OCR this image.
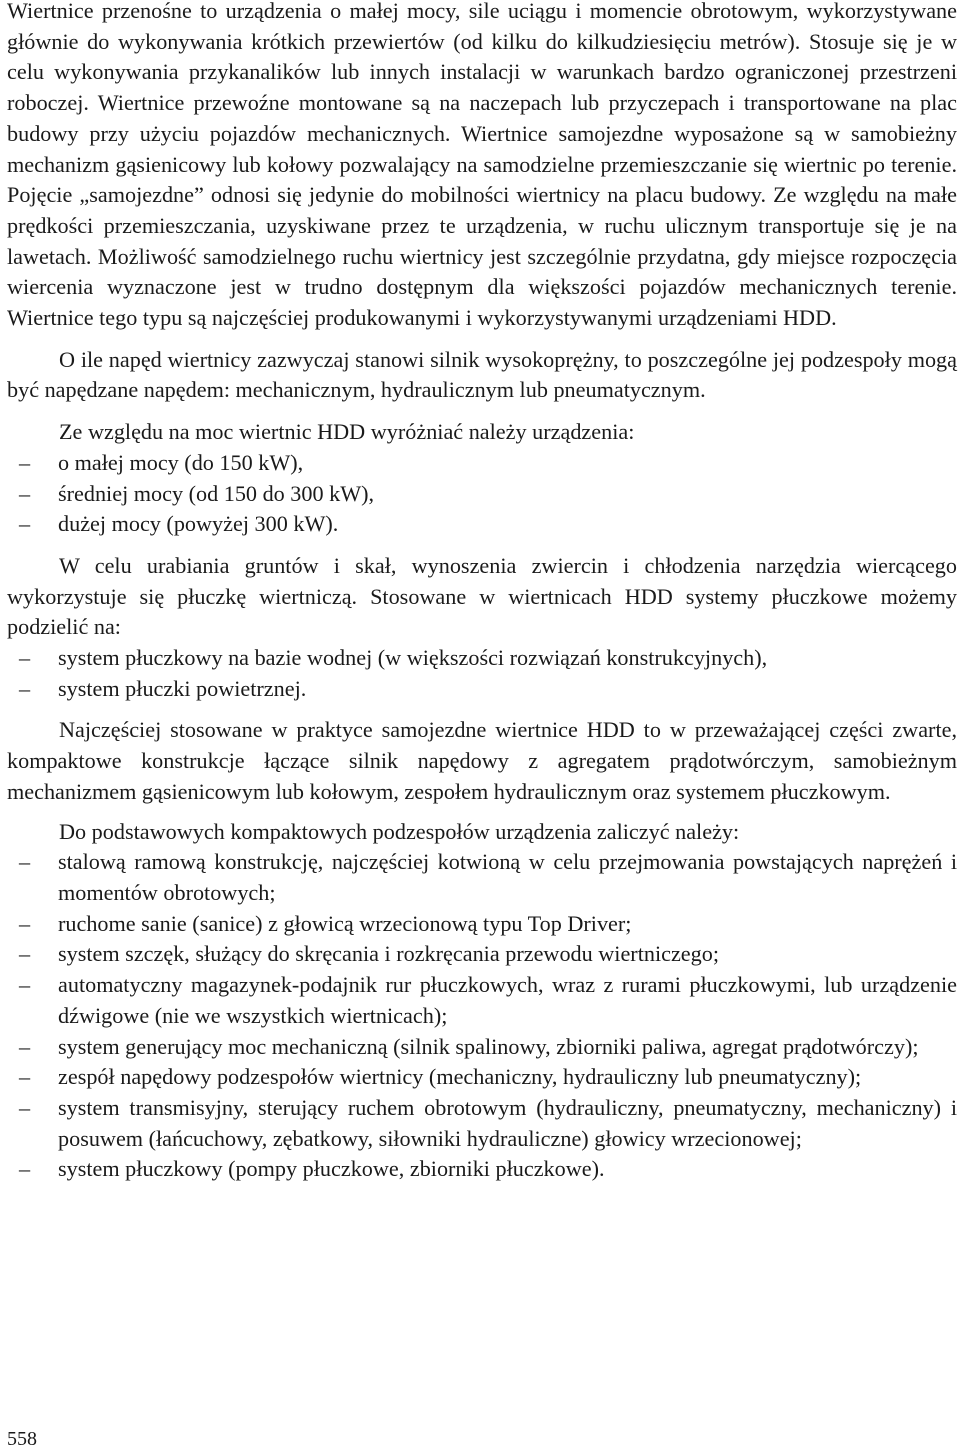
Wiertnice przenośne to urządzenia o małej mocy, sile uciągu i momencie obrotowym, wykorzystywane głównie do wykonywania krótkich przewiertów (od kilku do kilkudziesięciu metrów). Stosuje się je w celu wykonywania przykanalików lub innych instalacji w warunkach bardzo ograniczonej przestrzeni roboczej. Wiertnice przewoźne montowane są na naczepach lub przyczepach i transportowane na plac budowy przy użyciu pojazdów mechanicznych. Wiertnice samojezdne wyposażone są w samobieżny mechanizm gąsienicowy lub kołowy pozwalający na samodzielne przemieszczanie się wiertnic po terenie. Pojęcie „samojezdne” odnosi się jedynie do mobilności wiertnicy na placu budowy. Ze względu na małe prędkości przemieszczania, uzyskiwane przez te urządzenia, w ruchu ulicznym transportuje się je na lawetach. Możliwość samodzielnego ruchu wiertnicy jest szczególnie przydatna, gdy miejsce rozpoczęcia wiercenia wyznaczone jest w trudno dostępnym dla większości pojazdów mechanicznych terenie. Wiertnice tego typu są najczęściej produkowanymi i wykorzystywanymi urządzeniami HDD.

O ile napęd wiertnicy zazwyczaj stanowi silnik wysokoprężny, to poszczególne jej podzespoły mogą być napędzane napędem: mechanicznym, hydraulicznym lub pneumatycznym.

Ze względu na moc wiertnic HDD wyróżniać należy urządzenia:

– o małej mocy (do 150 kW),
– średniej mocy (od 150 do 300 kW),
– dużej mocy (powyżej 300 kW).

W celu urabiania gruntów i skał, wynoszenia zwiercin i chłodzenia narzędzia wiercącego wykorzystuje się płuczkę wiertniczą. Stosowane w wiertnicach HDD systemy płuczkowe możemy podzielić na:

– system płuczkowy na bazie wodnej (w większości rozwiązań konstrukcyjnych),
– system płuczki powietrznej.

Najczęściej stosowane w praktyce samojezdne wiertnice HDD to w przeważającej części zwarte, kompaktowe konstrukcje łączące silnik napędowy z agregatem prądotwórczym, samobieżnym mechanizmem gąsienicowym lub kołowym, zespołem hydraulicznym oraz systemem płuczkowym.

Do podstawowych kompaktowych podzespołów urządzenia zaliczyć należy:

– stalową ramową konstrukcję, najczęściej kotwioną w celu przejmowania powstających naprężeń i momentów obrotowych;
– ruchome sanie (sanice) z głowicą wrzecionową typu Top Driver;
– system szczęk, służący do skręcania i rozkręcania przewodu wiertniczego;
– automatyczny magazynek-podajnik rur płuczkowych, wraz z rurami płuczkowymi, lub urządzenie dźwigowe (nie we wszystkich wiertnicach);
– system generujący moc mechaniczną (silnik spalinowy, zbiorniki paliwa, agregat prądotwórczy);
– zespół napędowy podzespołów wiertnicy (mechaniczny, hydrauliczny lub pneumatyczny);
– system transmisyjny, sterujący ruchem obrotowym (hydrauliczny, pneumatyczny, mechaniczny) i posuwem (łańcuchowy, zębatkowy, siłowniki hydrauliczne) głowicy wrzecionowej;
– system płuczkowy (pompy płuczkowe, zbiorniki płuczkowe).
558
